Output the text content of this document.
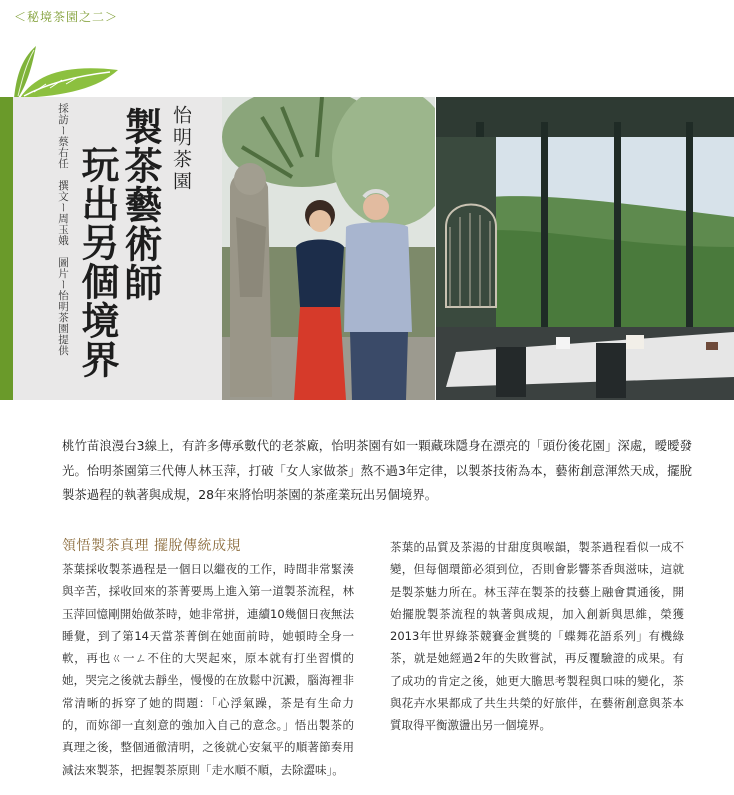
＜秘境茶園之二＞
採訪ー蔡右任　撰文ー周玉娥　圖片ー怡明茶園提供	怡明茶園
製茶藝術師
玩出另個境界
桃竹苗浪漫台3線上，有許多傳承數代的老茶廠，怡明茶園有如一顆藏珠隱身在漂亮的「頭份後花園」深處，曖曖發光。怡明茶園第三代傳人林玉萍，打破「女人家做茶」熬不過3年定律，以製茶技術為本，藝術創意渾然天成，擺脫製茶過程的執著與成規，28年來將怡明茶園的茶產業玩出另個境界。
領悟製茶真理 擺脫傳統成規
茶葉採收製茶過程是一個日以繼夜的工作，時間非常緊湊與辛苦，採收回來的茶菁要馬上進入第一道製茶流程，林玉萍回憶剛開始做茶時，她非常拼，連續10幾個日夜無法睡覺，到了第14天當茶菁倒在她面前時，她頓時全身一軟，再也ㄍ一ㄥ不住的大哭起來，原本就有打坐習慣的她，哭完之後就去靜坐，慢慢的在放鬆中沉澱，腦海裡非常清晰的拆穿了她的問題：「心浮氣躁，茶是有生命力的，而妳卻一直刻意的強加入自己的意念。」悟出製茶的真理之後，整個通徹清明，之後就心安氣平的順著節奏用減法來製茶，把握製茶原則「走水順不順，去除澀味」。
茶葉的品質及茶湯的甘甜度與喉韻，製茶過程看似一成不變，但每個環節必須到位，否則會影響茶香與滋味，這就是製茶魅力所在。林玉萍在製茶的技藝上融會貫通後，開始擺脫製茶流程的執著與成規，加入創新與思維，榮獲2013年世界綠茶競賽金賞獎的「蝶舞花語系列」有機綠茶，就是她經過2年的失敗嘗試，再反覆驗證的成果。有了成功的肯定之後，她更大膽思考製程與口味的變化，茶與花卉水果都成了共生共榮的好旅伴，在藝術創意與茶本質取得平衡激盪出另一個境界。
